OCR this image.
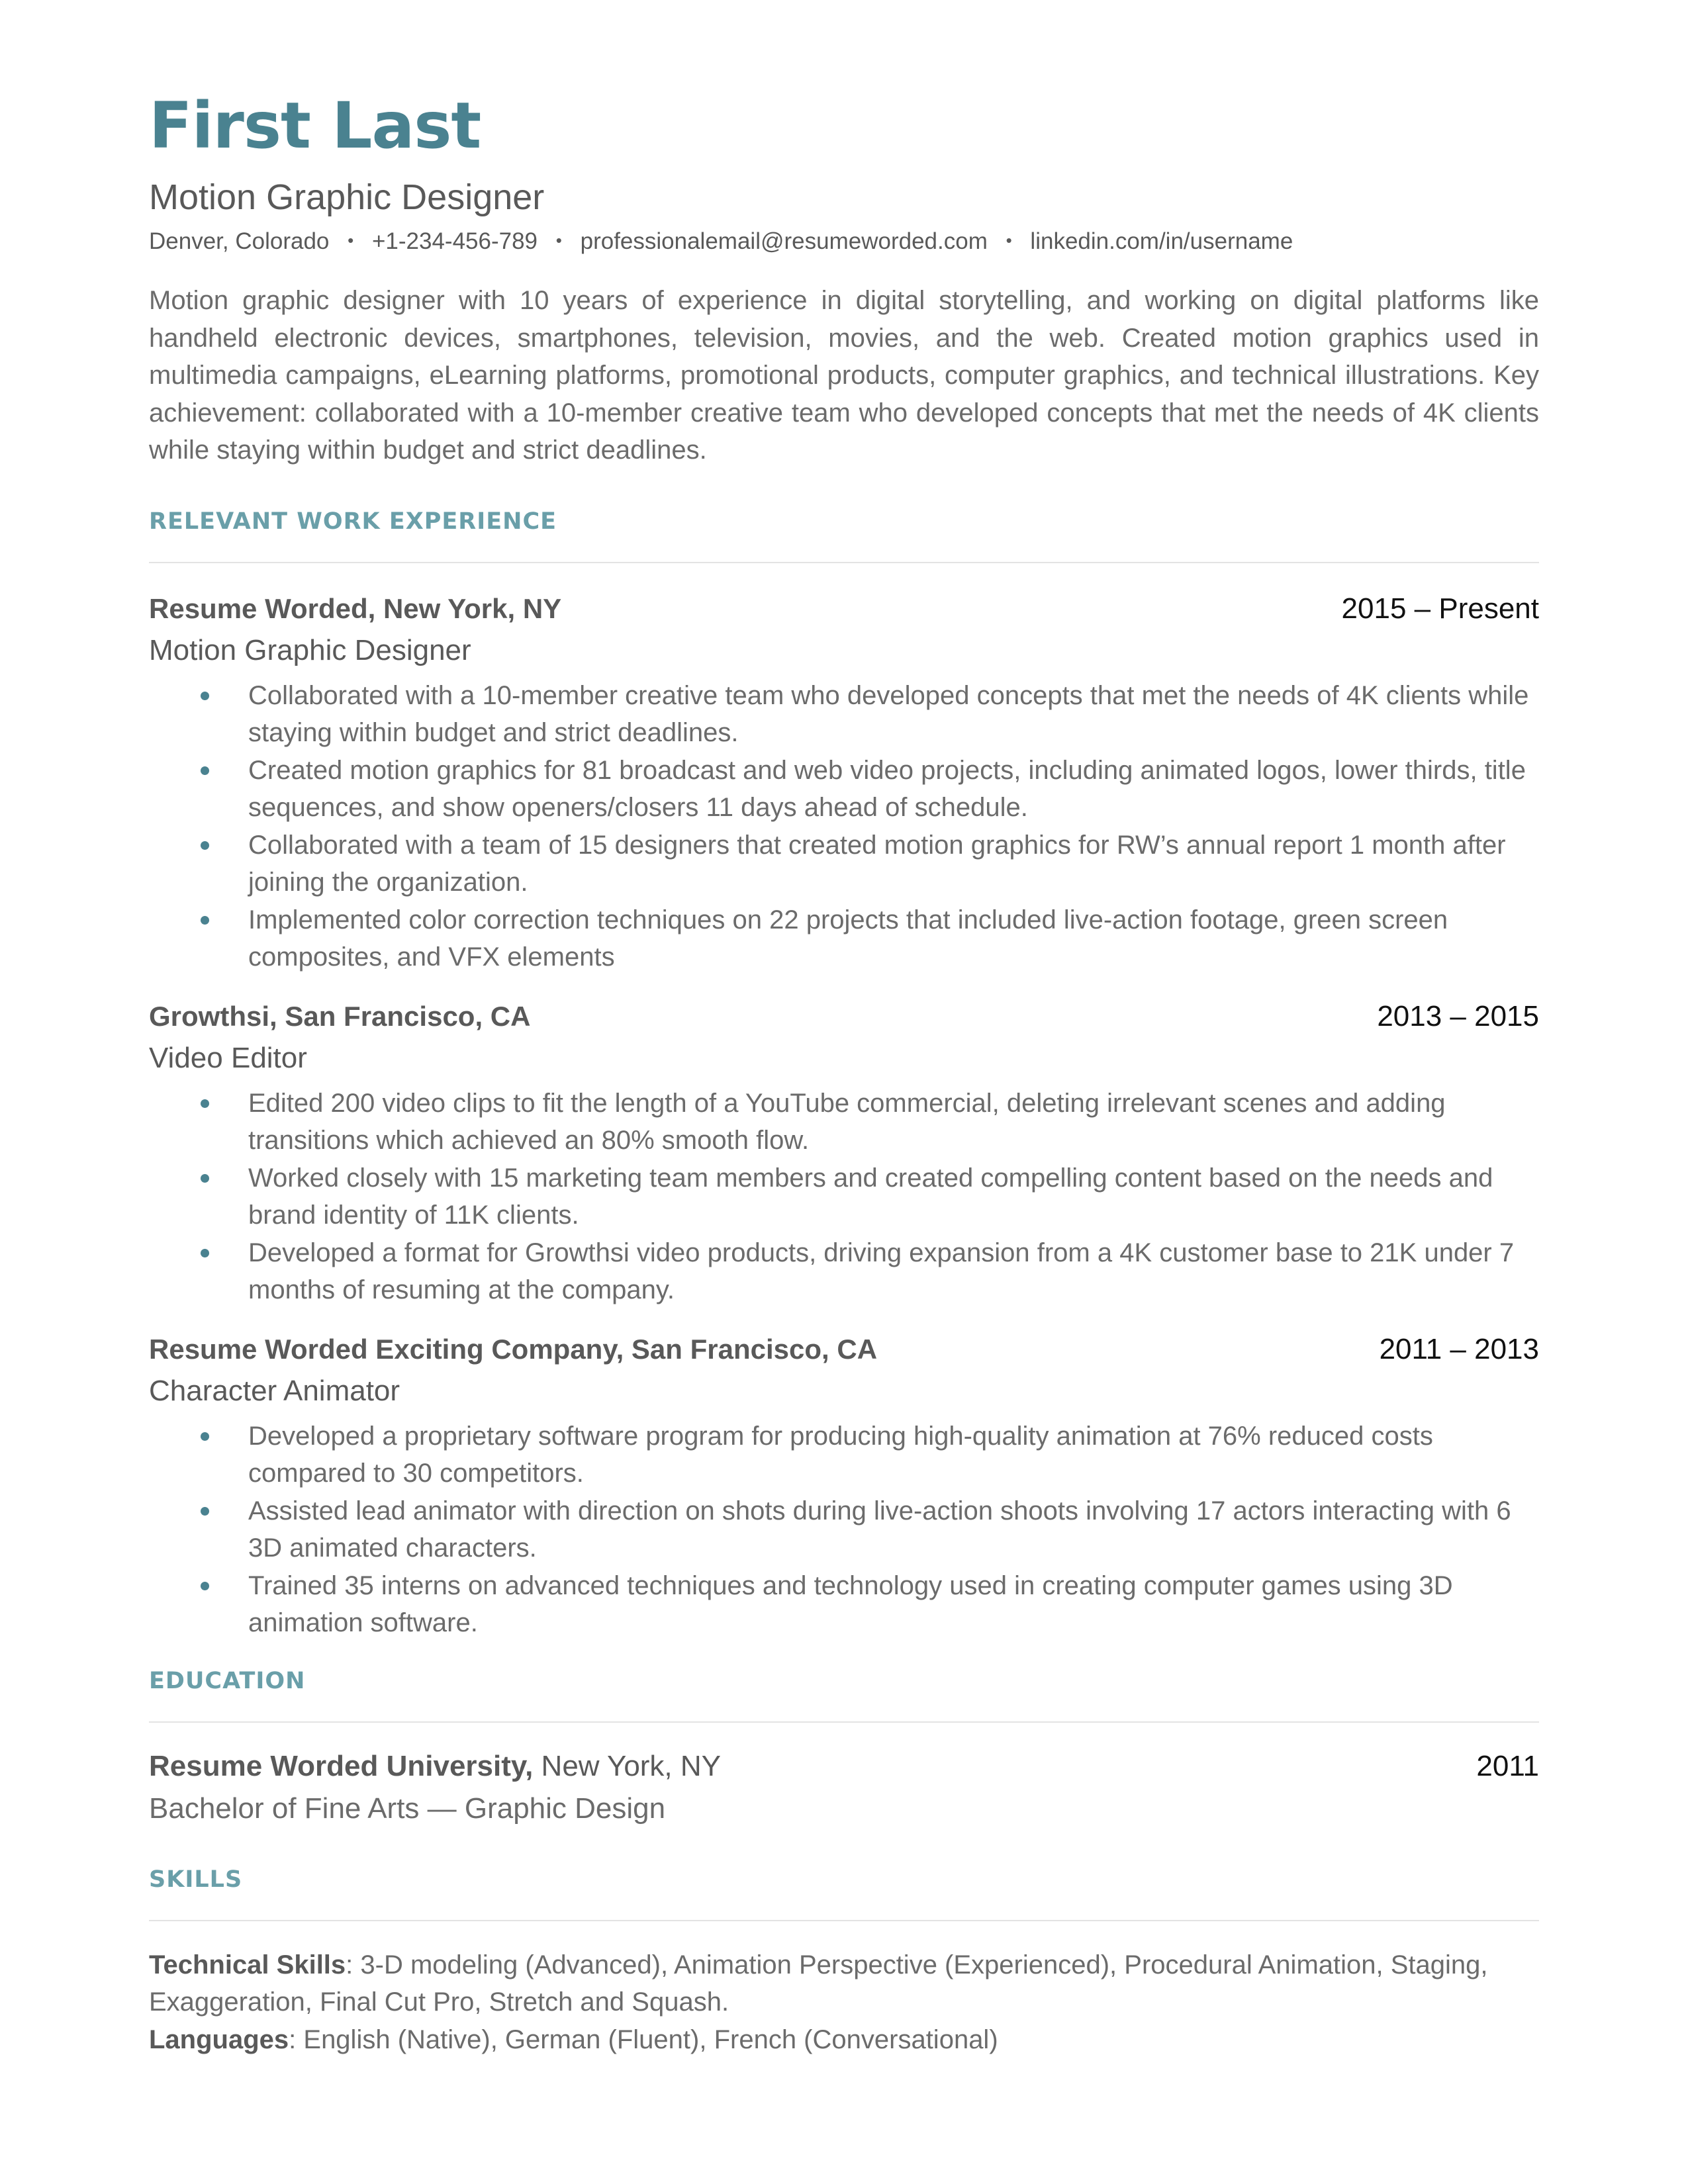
First Last
Motion Graphic Designer
Denver, Colorado • +1-234-456-789 • professionalemail@resumeworded.com • linkedin.com/in/username
Motion graphic designer with 10 years of experience in digital storytelling, and working on digital platforms like handheld electronic devices, smartphones, television, movies, and the web. Created motion graphics used in multimedia campaigns, eLearning platforms, promotional products, computer graphics, and technical illustrations. Key achievement: collaborated with a 10-member creative team who developed concepts that met the needs of 4K clients while staying within budget and strict deadlines.
RELEVANT WORK EXPERIENCE
Resume Worded, New York, NY	2015 – Present
Motion Graphic Designer
Collaborated with a 10-member creative team who developed concepts that met the needs of 4K clients while staying within budget and strict deadlines.
Created motion graphics for 81 broadcast and web video projects, including animated logos, lower thirds, title sequences, and show openers/closers 11 days ahead of schedule.
Collaborated with a team of 15 designers that created motion graphics for RW’s annual report 1 month after joining the organization.
Implemented color correction techniques on 22 projects that included live-action footage, green screen composites, and VFX elements
Growthsi, San Francisco, CA	2013 – 2015
Video Editor
Edited 200 video clips to fit the length of a YouTube commercial, deleting irrelevant scenes and adding transitions which achieved an 80% smooth flow.
Worked closely with 15 marketing team members and created compelling content based on the needs and brand identity of 11K clients.
Developed a format for Growthsi video products, driving expansion from a 4K customer base to 21K under 7 months of resuming at the company.
Resume Worded Exciting Company, San Francisco, CA	2011 – 2013
Character Animator
Developed a proprietary software program for producing high-quality animation at 76% reduced costs compared to 30 competitors.
Assisted lead animator with direction on shots during live-action shoots involving 17 actors interacting with 6 3D animated characters.
Trained 35 interns on advanced techniques and technology used in creating computer games using 3D animation software.
EDUCATION
Resume Worded University, New York, NY	2011
Bachelor of Fine Arts — Graphic Design
SKILLS
Technical Skills: 3-D modeling (Advanced), Animation Perspective (Experienced), Procedural Animation, Staging, Exaggeration, Final Cut Pro, Stretch and Squash.
Languages: English (Native), German (Fluent), French (Conversational)
